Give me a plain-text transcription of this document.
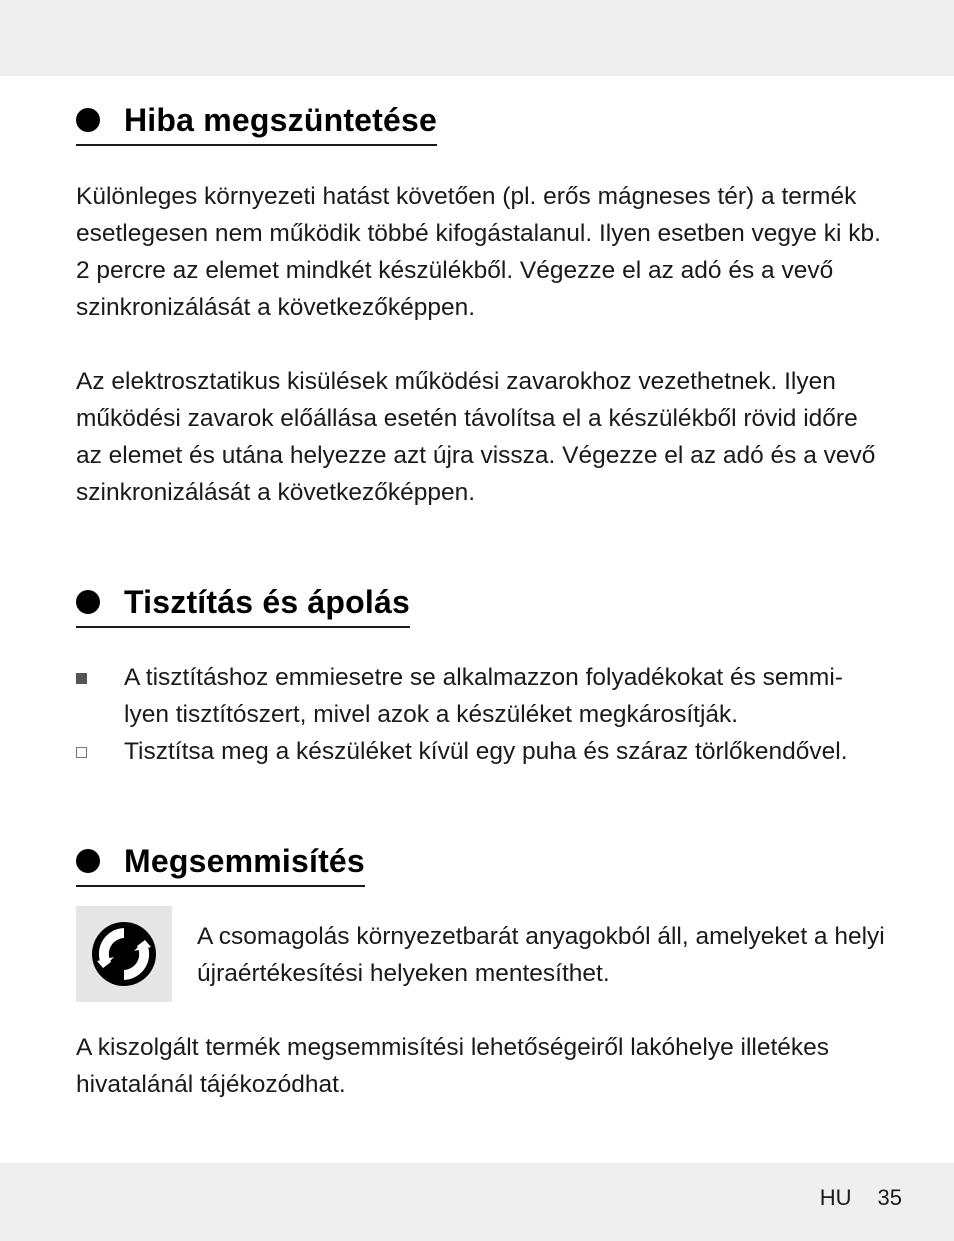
Hiba megszüntetése

Különleges környezeti hatást követően (pl. erős mágneses tér) a termék esetlegesen nem működik többé kifogástalanul. Ilyen esetben vegye ki kb. 2 percre az elemet mindkét készülékből. Végezze el az adó és a vevő szinkronizálását a következőképpen.

Az elektrosztatikus kisülések működési zavarokhoz vezethetnek. Ilyen működési zavarok előállása esetén távolítsa el a készülékből rövid időre az elemet és utána helyezze azt újra vissza. Végezze el az adó és a vevő szinkronizálását a következőképpen.

Tisztítás és ápolás
A tisztításhoz emmiesetre se alkalmazzon folyadékokat és semmi-lyen tisztítószert, mivel azok a készüléket megkárosítják.
Tisztítsa meg a készüléket kívül egy puha és száraz törlőkendővel.
Megsemmisítés

A csomagolás környezetbarát anyagokból áll, amelyeket a helyi újraértékesítési helyeken mentesíthet.

A kiszolgált termék megsemmisítési lehetőségeiről lakóhelye illetékes hivatalánál tájékozódhat.

HU 35
